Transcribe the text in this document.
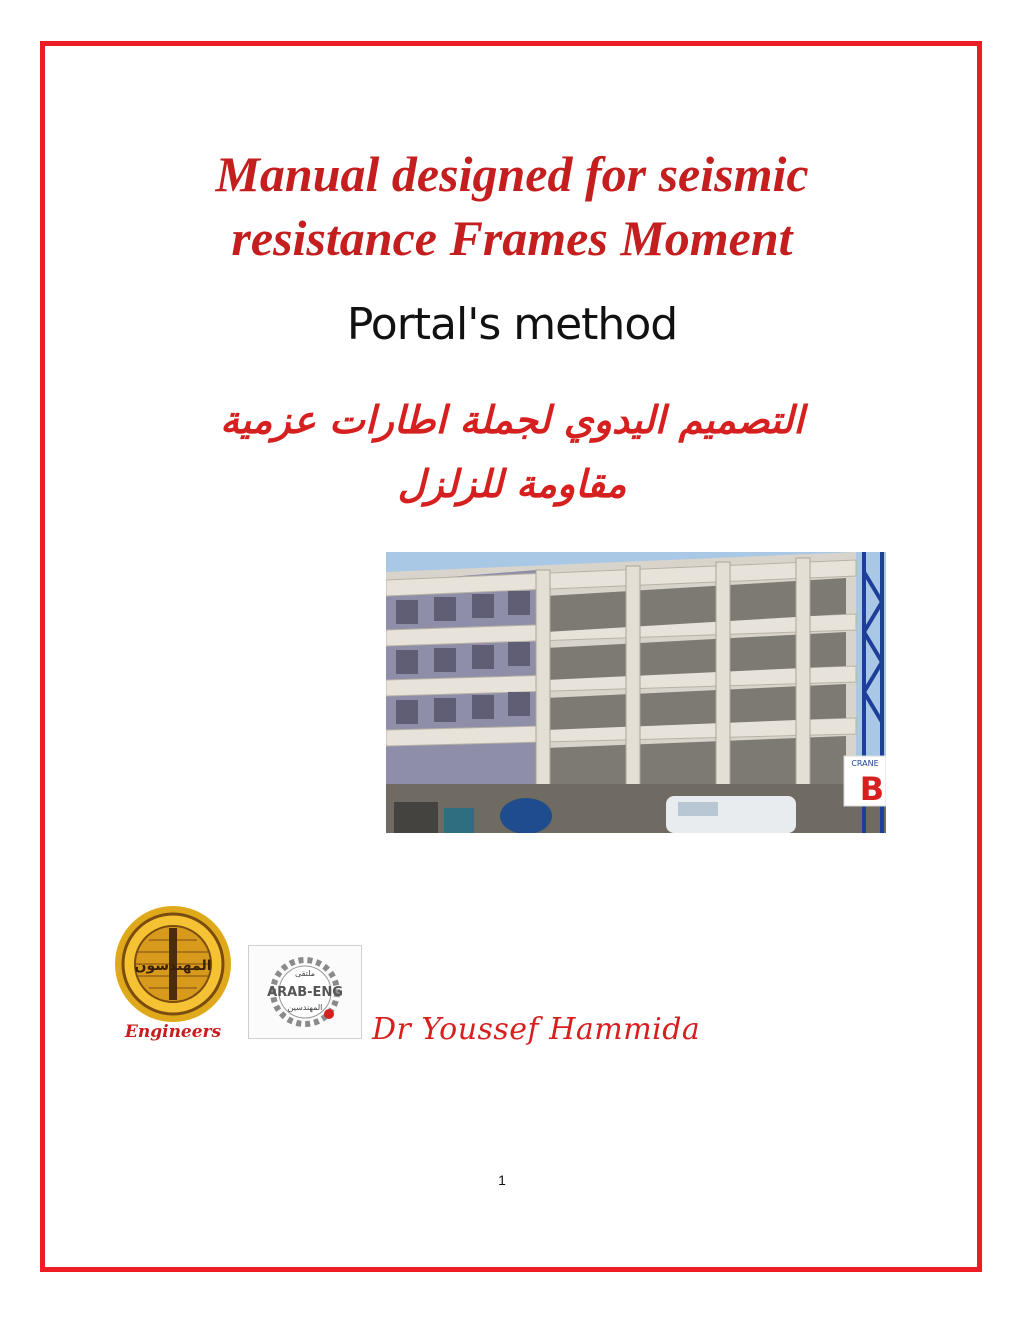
Manual designed for seismic
resistance Frames Moment
Portal's method
التصميم اليدوي لجملة اطارات عزمية
مقاومة للزلزل
CRANE
B
المهندسون
Engineers
ملتقى
ARAB-ENG
المهندسين
Dr Youssef Hammida
1
